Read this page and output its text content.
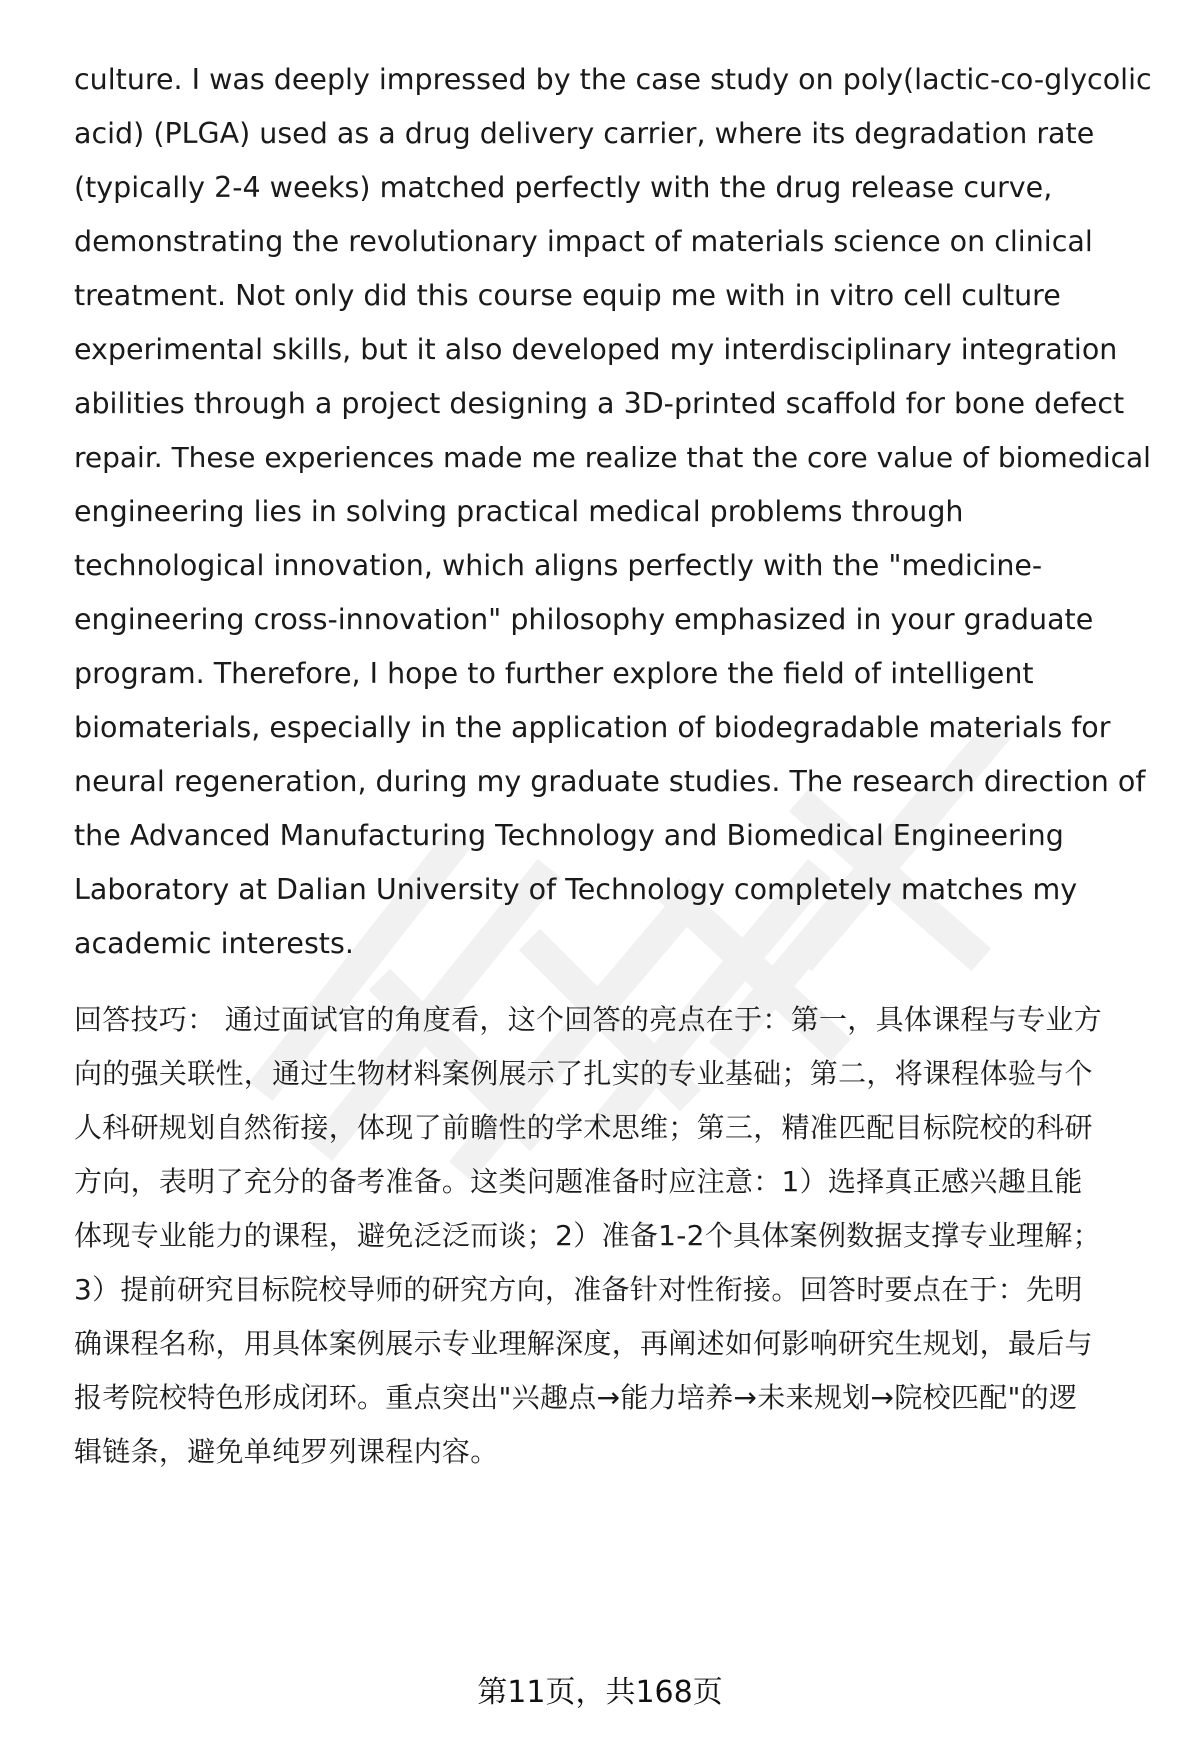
culture. I was deeply impressed by the case study on poly(lactic-co-glycolic
acid) (PLGA) used as a drug delivery carrier, where its degradation rate
(typically 2-4 weeks) matched perfectly with the drug release curve,
demonstrating the revolutionary impact of materials science on clinical
treatment. Not only did this course equip me with in vitro cell culture
experimental skills, but it also developed my interdisciplinary integration
abilities through a project designing a 3D-printed scaffold for bone defect
repair. These experiences made me realize that the core value of biomedical
engineering lies in solving practical medical problems through
technological innovation, which aligns perfectly with the "medicine-
engineering cross-innovation" philosophy emphasized in your graduate
program. Therefore, I hope to further explore the field of intelligent
biomaterials, especially in the application of biodegradable materials for
neural regeneration, during my graduate studies. The research direction of
the Advanced Manufacturing Technology and Biomedical Engineering
Laboratory at Dalian University of Technology completely matches my
academic interests.
回答技巧： 通过面试官的角度看，这个回答的亮点在于：第一，具体课程与专业方
向的强关联性，通过生物材料案例展示了扎实的专业基础；第二，将课程体验与个
人科研规划自然衔接，体现了前瞻性的学术思维；第三，精准匹配目标院校的科研
方向，表明了充分的备考准备。这类问题准备时应注意：1）选择真正感兴趣且能
体现专业能力的课程，避免泛泛而谈；2）准备1-2个具体案例数据支撑专业理解；
3）提前研究目标院校导师的研究方向，准备针对性衔接。回答时要点在于：先明
确课程名称，用具体案例展示专业理解深度，再阐述如何影响研究生规划，最后与
报考院校特色形成闭环。重点突出"兴趣点→能力培养→未来规划→院校匹配"的逻
辑链条，避免单纯罗列课程内容。
第11页，共168页
